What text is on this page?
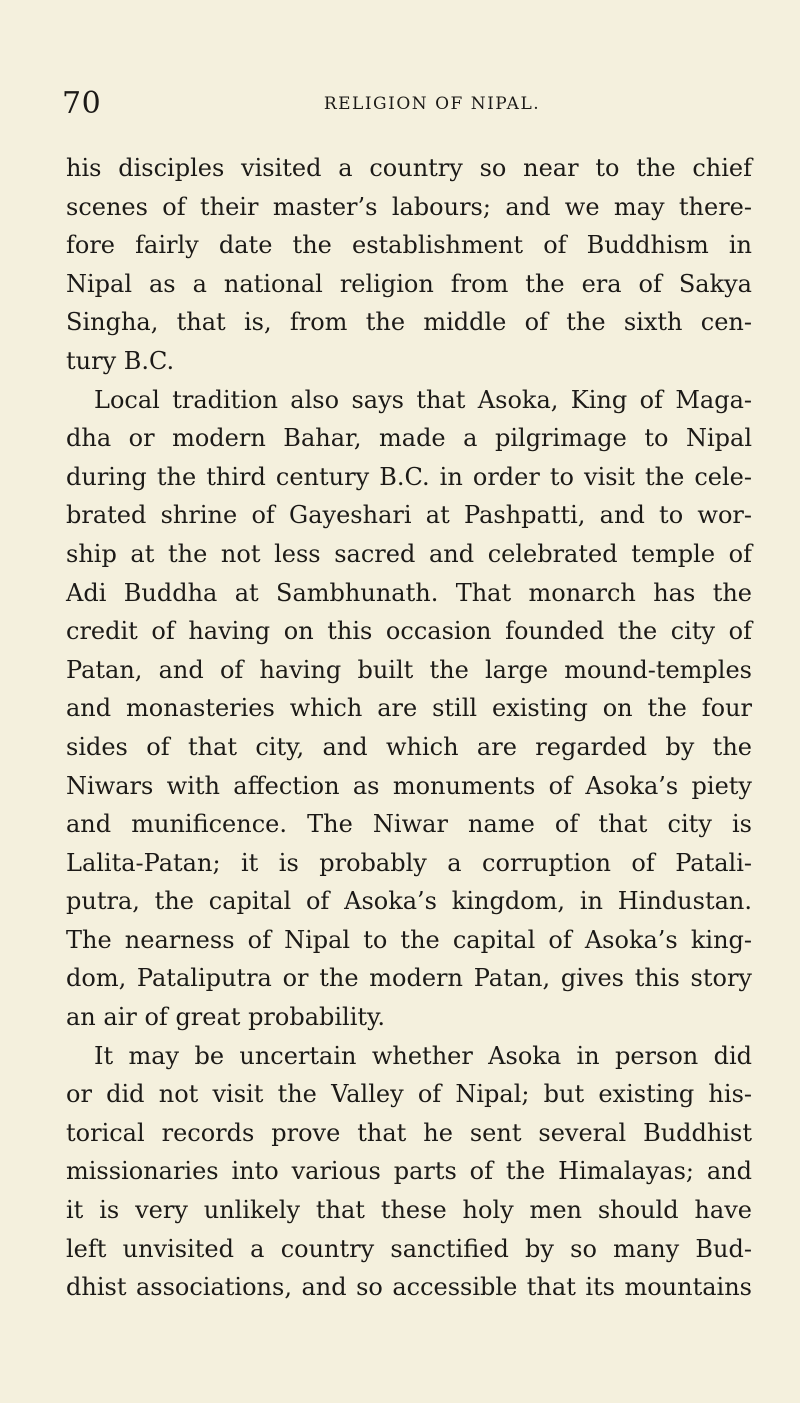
70	RELIGION OF NIPAL.
his disciples visited a country so near to the chief
scenes of their master’s labours; and we may there-
fore fairly date the establishment of Buddhism in
Nipal as a national religion from the era of Sakya
Singha, that is, from the middle of the sixth cen-
tury B.C.
Local tradition also says that Asoka, King of Maga-
dha or modern Bahar, made a pilgrimage to Nipal
during the third century B.C. in order to visit the cele-
brated shrine of Gayeshari at Pashpatti, and to wor-
ship at the not less sacred and celebrated temple of
Adi Buddha at Sambhunath. That monarch has the
credit of having on this occasion founded the city of
Patan, and of having built the large mound-temples
and monasteries which are still existing on the four
sides of that city, and which are regarded by the
Niwars with affection as monuments of Asoka’s piety
and munificence. The Niwar name of that city is
Lalita-Patan; it is probably a corruption of Patali-
putra, the capital of Asoka’s kingdom, in Hindustan.
The nearness of Nipal to the capital of Asoka’s king-
dom, Pataliputra or the modern Patan, gives this story
an air of great probability.
It may be uncertain whether Asoka in person did
or did not visit the Valley of Nipal; but existing his-
torical records prove that he sent several Buddhist
missionaries into various parts of the Himalayas; and
it is very unlikely that these holy men should have
left unvisited a country sanctified by so many Bud-
dhist associations, and so accessible that its mountains
